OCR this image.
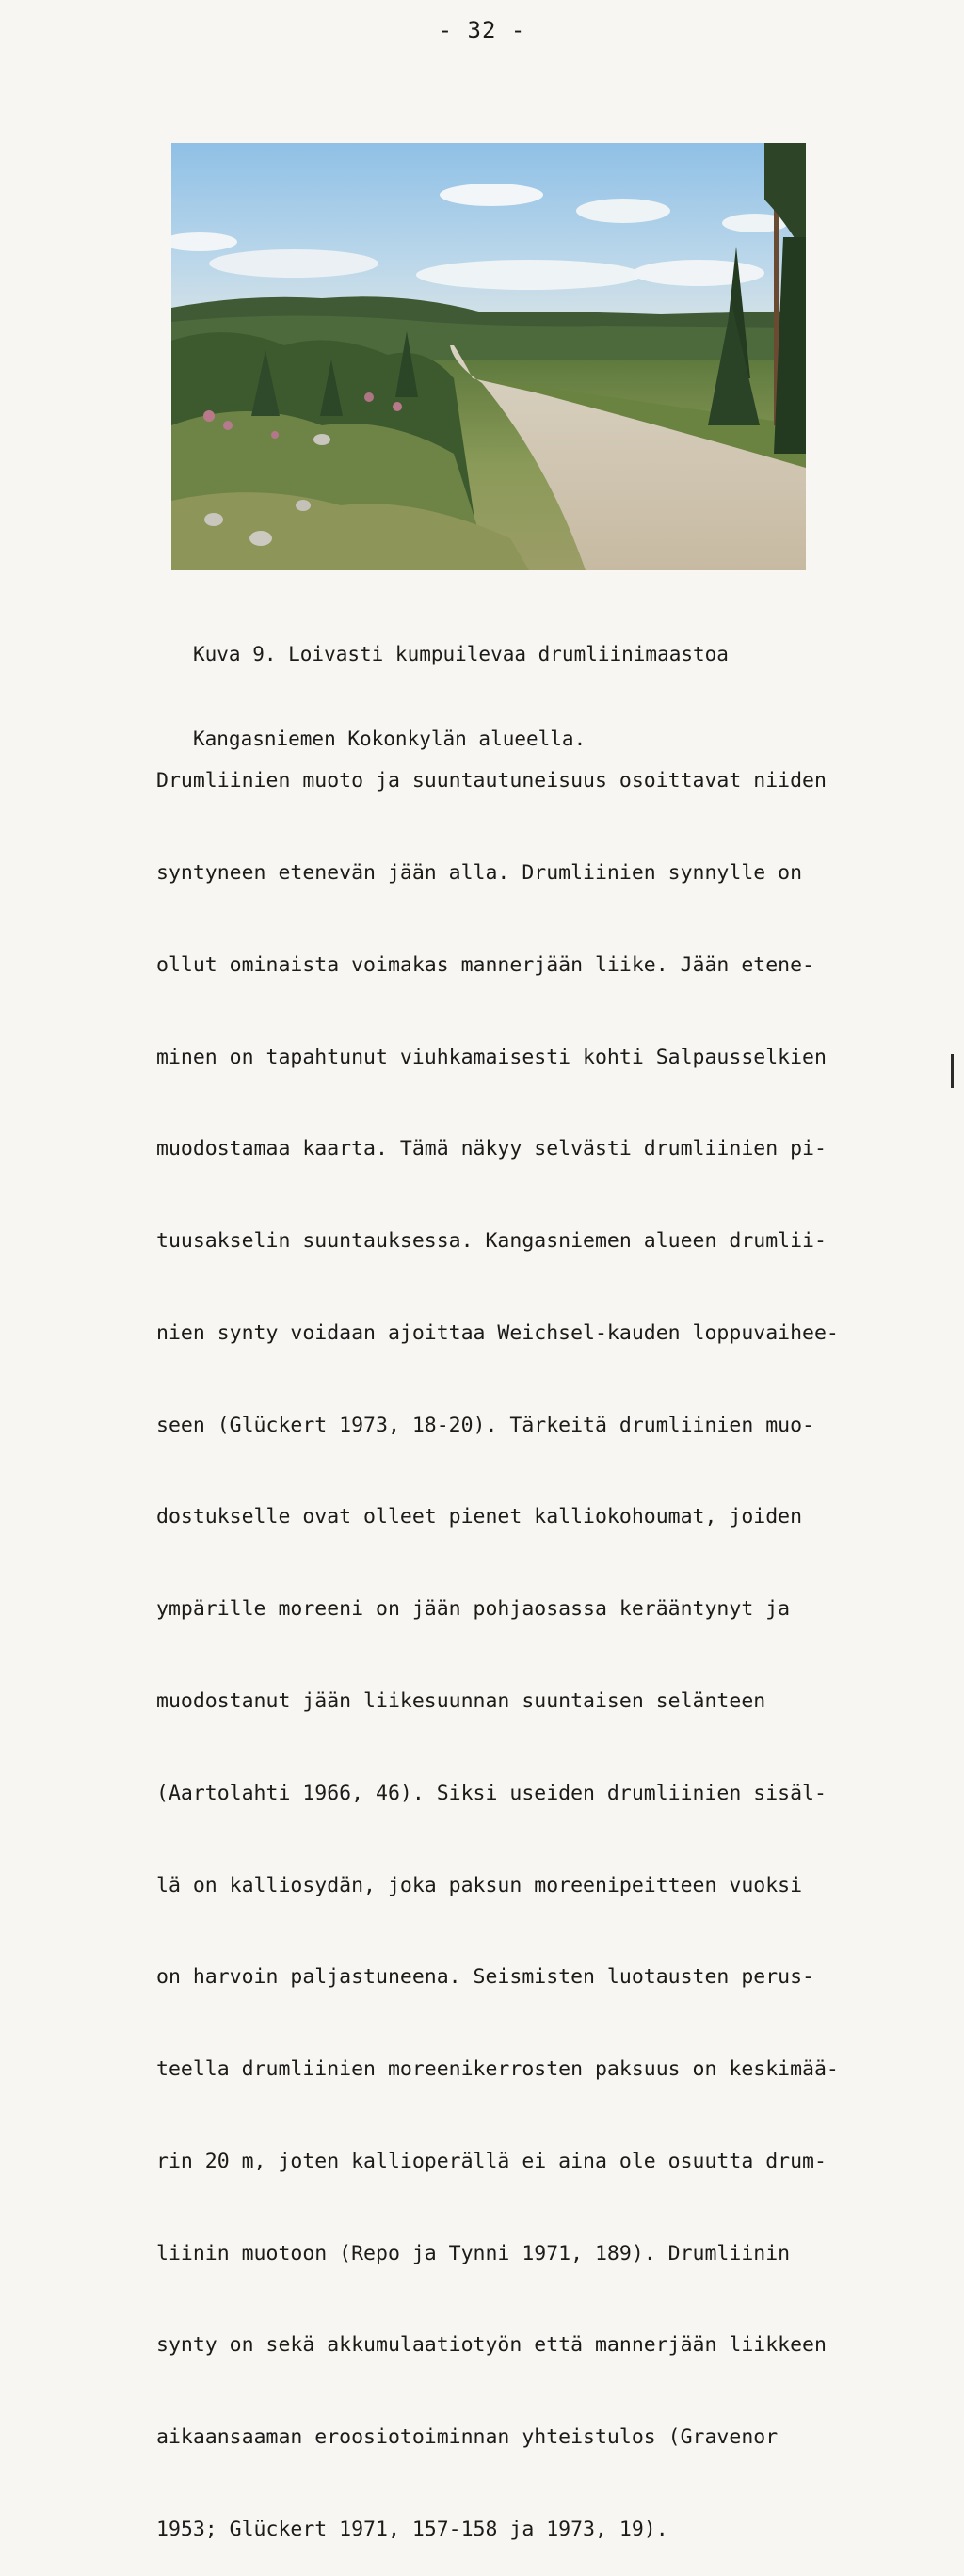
- 32 -

Kuva 9. Loivasti kumpuilevaa drumliinimaastoa

Kangasniemen Kokonkylän alueella.

Drumliinien muoto ja suuntautuneisuus osoittavat niiden

syntyneen etenevän jään alla. Drumliinien synnylle on

ollut ominaista voimakas mannerjään liike. Jään etene-

minen on tapahtunut viuhkamaisesti kohti Salpausselkien

muodostamaa kaarta. Tämä näkyy selvästi drumliinien pi-

tuusakselin suuntauksessa. Kangasniemen alueen drumlii-

nien synty voidaan ajoittaa Weichsel-kauden loppuvaihee-

seen (Glückert 1973, 18-20). Tärkeitä drumliinien muo-

dostukselle ovat olleet pienet kalliokohoumat, joiden

ympärille moreeni on jään pohjaosassa kerääntynyt ja

muodostanut jään liikesuunnan suuntaisen selänteen

(Aartolahti 1966, 46). Siksi useiden drumliinien sisäl-

lä on kalliosydän, joka paksun moreenipeitteen vuoksi

on harvoin paljastuneena. Seismisten luotausten perus-

teella drumliinien moreenikerrosten paksuus on keskimää-

rin 20 m, joten kallioperällä ei aina ole osuutta drum-

liinin muotoon (Repo ja Tynni 1971, 189). Drumliinin

synty on sekä akkumulaatiotyön että mannerjään liikkeen

aikaansaaman eroosiotoiminnan yhteistulos (Gravenor

1953; Glückert 1971, 157-158 ja 1973, 19).
